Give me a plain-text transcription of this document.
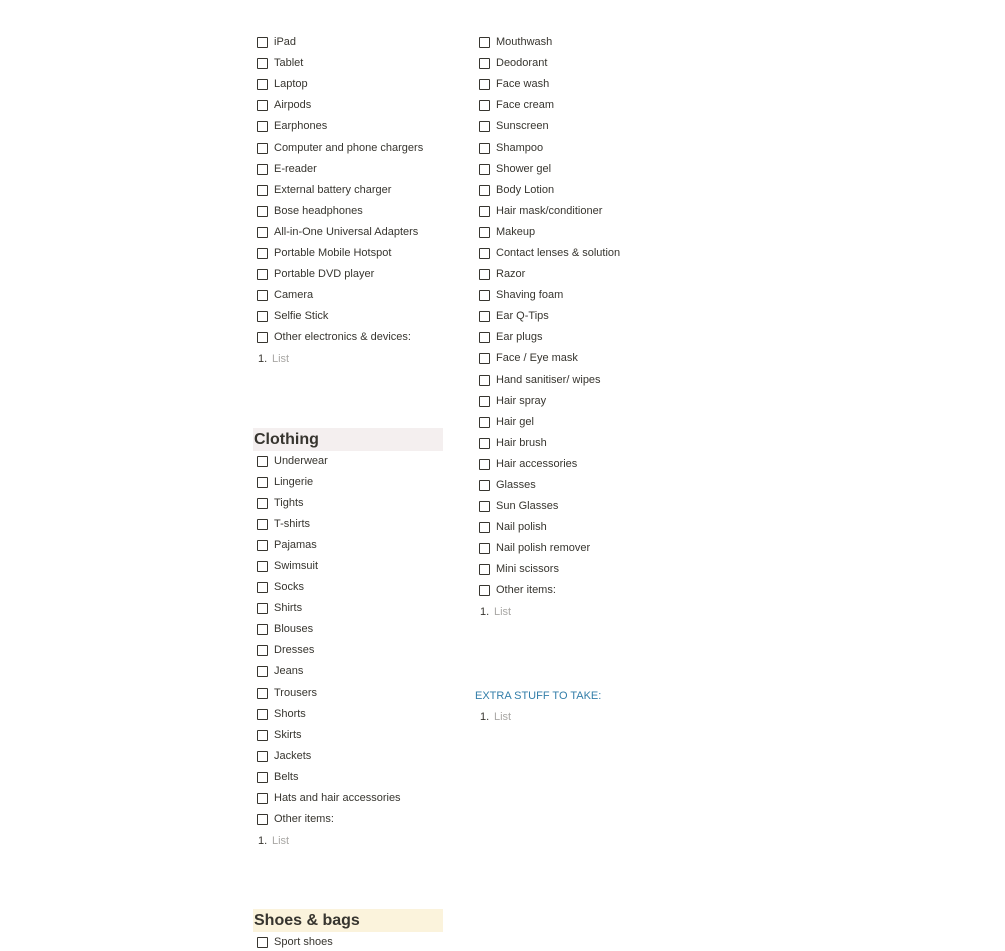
iPad
Tablet
Laptop
Airpods
Earphones
Computer and phone chargers
E-reader
External battery charger
Bose headphones
All-in-One Universal Adapters
Portable Mobile Hotspot
Portable DVD player
Camera
Selfie Stick
Other electronics & devices:
1. List
Clothing
Underwear
Lingerie
Tights
T-shirts
Pajamas
Swimsuit
Socks
Shirts
Blouses
Dresses
Jeans
Trousers
Shorts
Skirts
Jackets
Belts
Hats and hair accessories
Other items:
1. List
Shoes & bags
Sport shoes
Mouthwash
Deodorant
Face wash
Face cream
Sunscreen
Shampoo
Shower gel
Body Lotion
Hair mask/conditioner
Makeup
Contact lenses & solution
Razor
Shaving foam
Ear Q-Tips
Ear plugs
Face / Eye mask
Hand sanitiser/ wipes
Hair spray
Hair gel
Hair brush
Hair accessories
Glasses
Sun Glasses
Nail polish
Nail polish remover
Mini scissors
Other items:
1. List
EXTRA STUFF TO TAKE:
1. List
